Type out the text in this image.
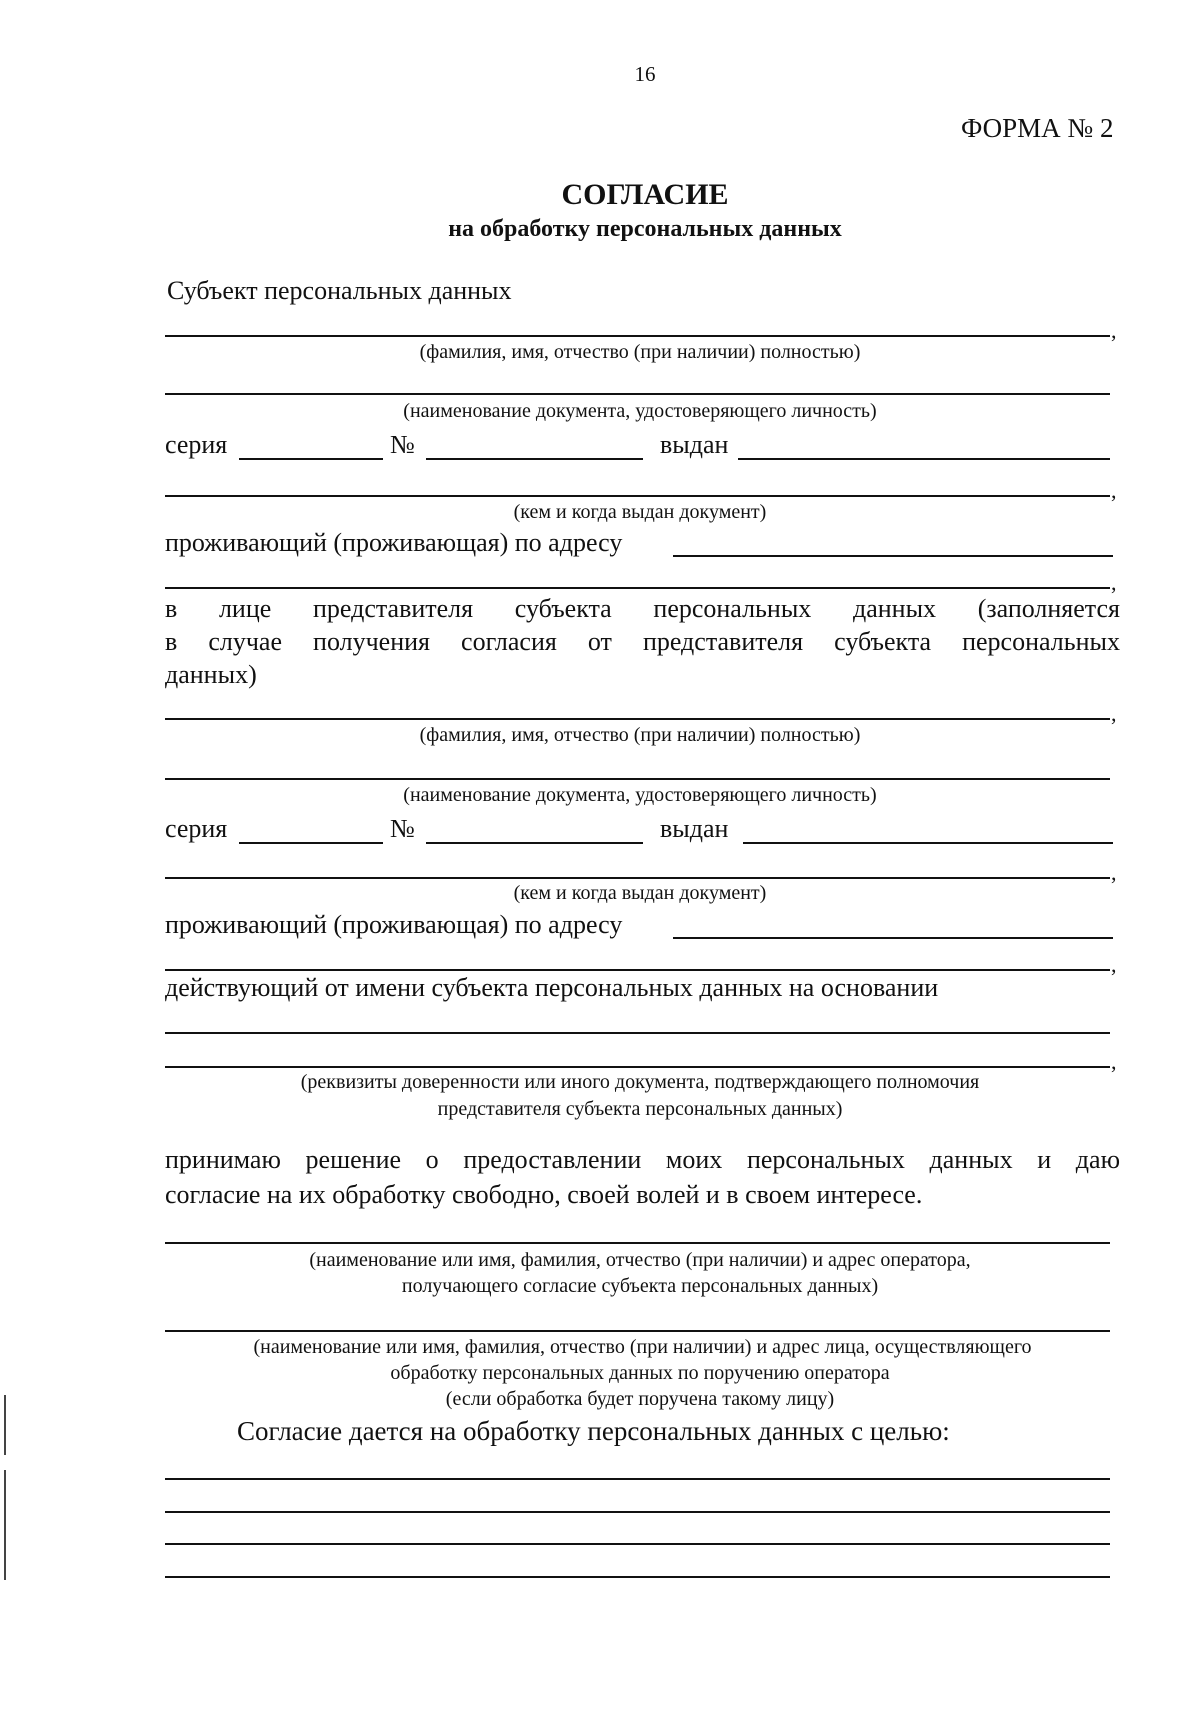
16
ФОРМА № 2
СОГЛАСИЕ
на обработку персональных данных
Субъект персональных данных
,
(фамилия, имя, отчество (при наличии) полностью)
(наименование документа, удостоверяющего личность)
серия	№	выдан
,
(кем и когда выдан документ)
проживающий (проживающая) по адресу
,
в лице представителя субъекта персональных данных (заполняется
в случае получения согласия от представителя субъекта персональных
данных)
,
(фамилия, имя, отчество (при наличии) полностью)
(наименование документа, удостоверяющего личность)
серия	№	выдан
,
(кем и когда выдан документ)
проживающий (проживающая) по адресу
,
действующий от имени субъекта персональных данных на основании
,
(реквизиты доверенности или иного документа, подтверждающего полномочия
представителя субъекта персональных данных)
принимаю решение о предоставлении моих персональных данных и даю
согласие на их обработку свободно, своей волей и в своем интересе.
(наименование или имя, фамилия, отчество (при наличии) и адрес оператора,
получающего согласие субъекта персональных данных)
(наименование или имя, фамилия, отчество (при наличии) и адрес лица, осуществляющего
обработку персональных данных по поручению оператора
(если обработка будет поручена такому лицу)
Согласие дается на обработку персональных данных с целью:
